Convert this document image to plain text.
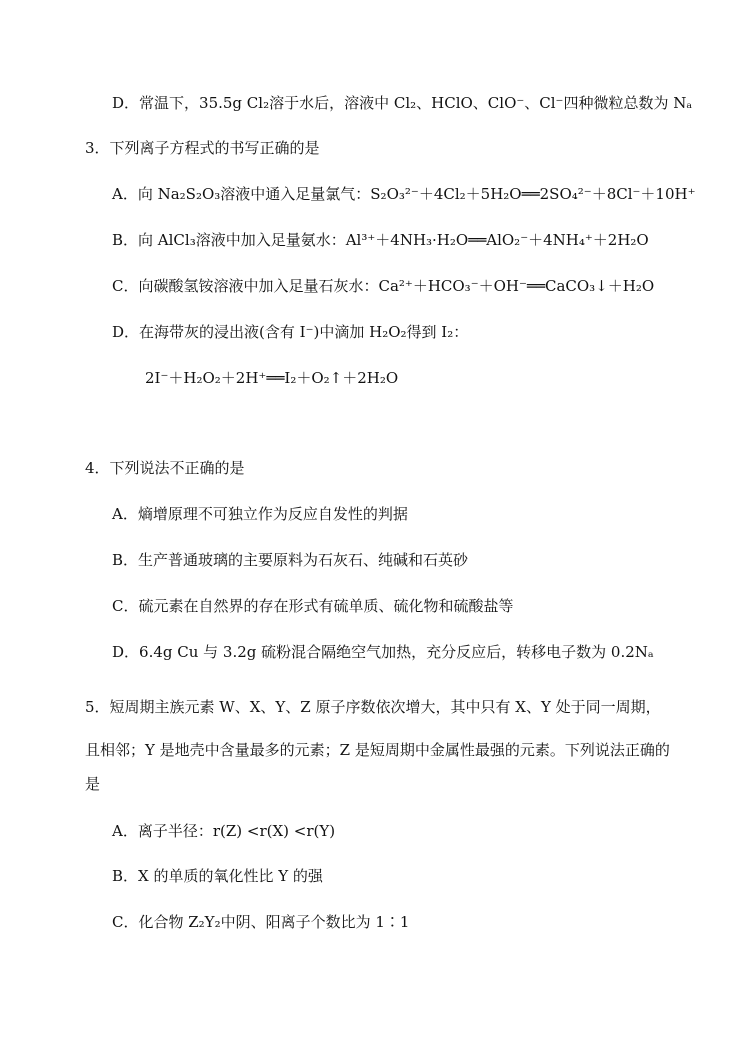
D．常温下，35.5g Cl₂溶于水后，溶液中 Cl₂、HClO、ClO⁻、Cl⁻四种微粒总数为 Nₐ
3．下列离子方程式的书写正确的是
A．向 Na₂S₂O₃溶液中通入足量氯气：S₂O₃²⁻＋4Cl₂＋5H₂O══2SO₄²⁻＋8Cl⁻＋10H⁺
B．向 AlCl₃溶液中加入足量氨水：Al³⁺＋4NH₃·H₂O══AlO₂⁻＋4NH₄⁺＋2H₂O
C．向碳酸氢铵溶液中加入足量石灰水：Ca²⁺＋HCO₃⁻＋OH⁻══CaCO₃↓＋H₂O
D．在海带灰的浸出液(含有 I⁻)中滴加 H₂O₂得到 I₂：
2I⁻＋H₂O₂＋2H⁺══I₂＋O₂↑＋2H₂O
4．下列说法不正确的是
A．熵增原理不可独立作为反应自发性的判据
B．生产普通玻璃的主要原料为石灰石、纯碱和石英砂
C．硫元素在自然界的存在形式有硫单质、硫化物和硫酸盐等
D．6.4g Cu 与 3.2g 硫粉混合隔绝空气加热，充分反应后，转移电子数为 0.2Nₐ
5．短周期主族元素 W、X、Y、Z 原子序数依次增大，其中只有 X、Y 处于同一周期，
且相邻；Y 是地壳中含量最多的元素；Z 是短周期中金属性最强的元素。下列说法正确的
是
A．离子半径：r(Z) <r(X) <r(Y)
B．X 的单质的氧化性比 Y 的强
C．化合物 Z₂Y₂中阴、阳离子个数比为 1∶1
